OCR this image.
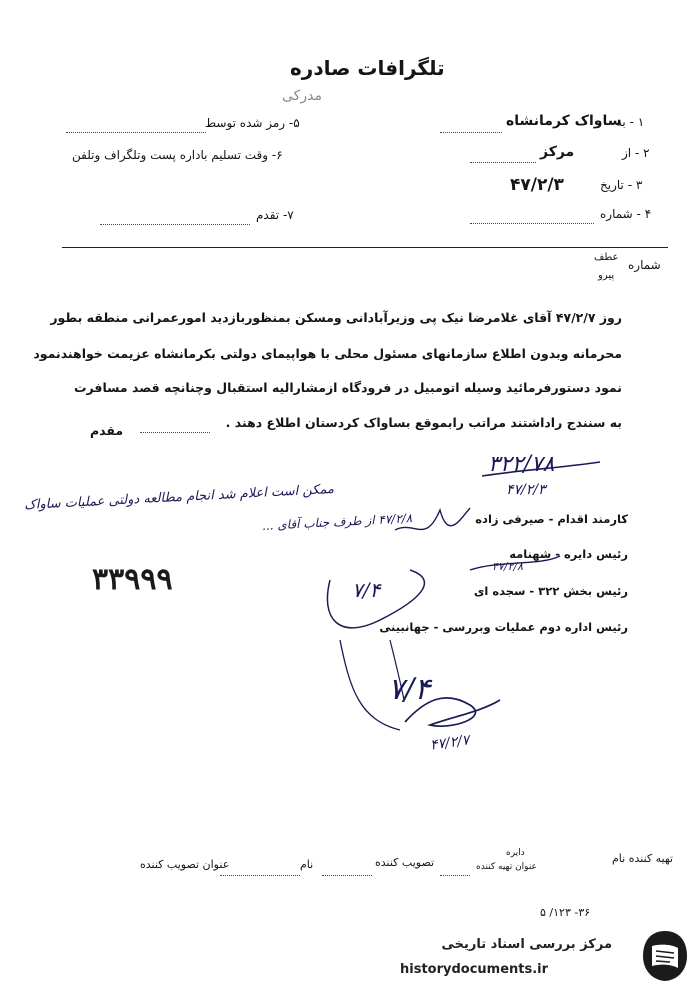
تلگرافات صادره
مدرکی
۵- رمز شده توسط
۶- وقت تسلیم باداره پست وتلگراف وتلفن
۷- تقدم
۱ - به
ساواک کرمانشاه
۲ - از
مرکز
۳ - تاریخ
۴۷/۲/۳
۴ - شماره
شماره
عطف
پیرو
روز ۴۷/۲/۷ آقای غلامرضا نیک پی وزیرآبادانی ومسکن بمنظوربازدید امورعمرانی منطقه بطور
محرمانه وبدون اطلاع سازمانهای مسئول محلی با هواپیمای دولتی بکرمانشاه عزیمت خواهندنمود
نمود دستورفرمائید وسیله اتومبیل در فرودگاه ازمشارالیه استقبال وچنانچه قصد مسافرت
به سنندج راداشتند مراتب رابموقع بساواک کردستان اطلاع دهند .
مقدم
۳۲۲/۷۸
۴۷/۲/۳
ممکن است اعلام شد انجام مطالعه دولتی عملیات ساواک
۴۷/۲/۸ از طرف جناب آقای ...
۷/۴
۷/۴
۴۷/۲/۷
۴۷/۲/۸
۳۳۹۹۹
کارمند اقدام - صیرفی زاده
رئیس دایره - شهنامه
رئیس بخش ۳۲۲ - سجده ای
رئیس اداره دوم عملیات وبررسی - جهانبینی
تهیه کننده نام
دایره
عنوان تهیه کننده
تصویب کننده
نام
عنوان تصویب کننده
۳۶- ۱۲۳/ ۵
مرکز بررسی اسناد تاریخی
historydocuments.ir
